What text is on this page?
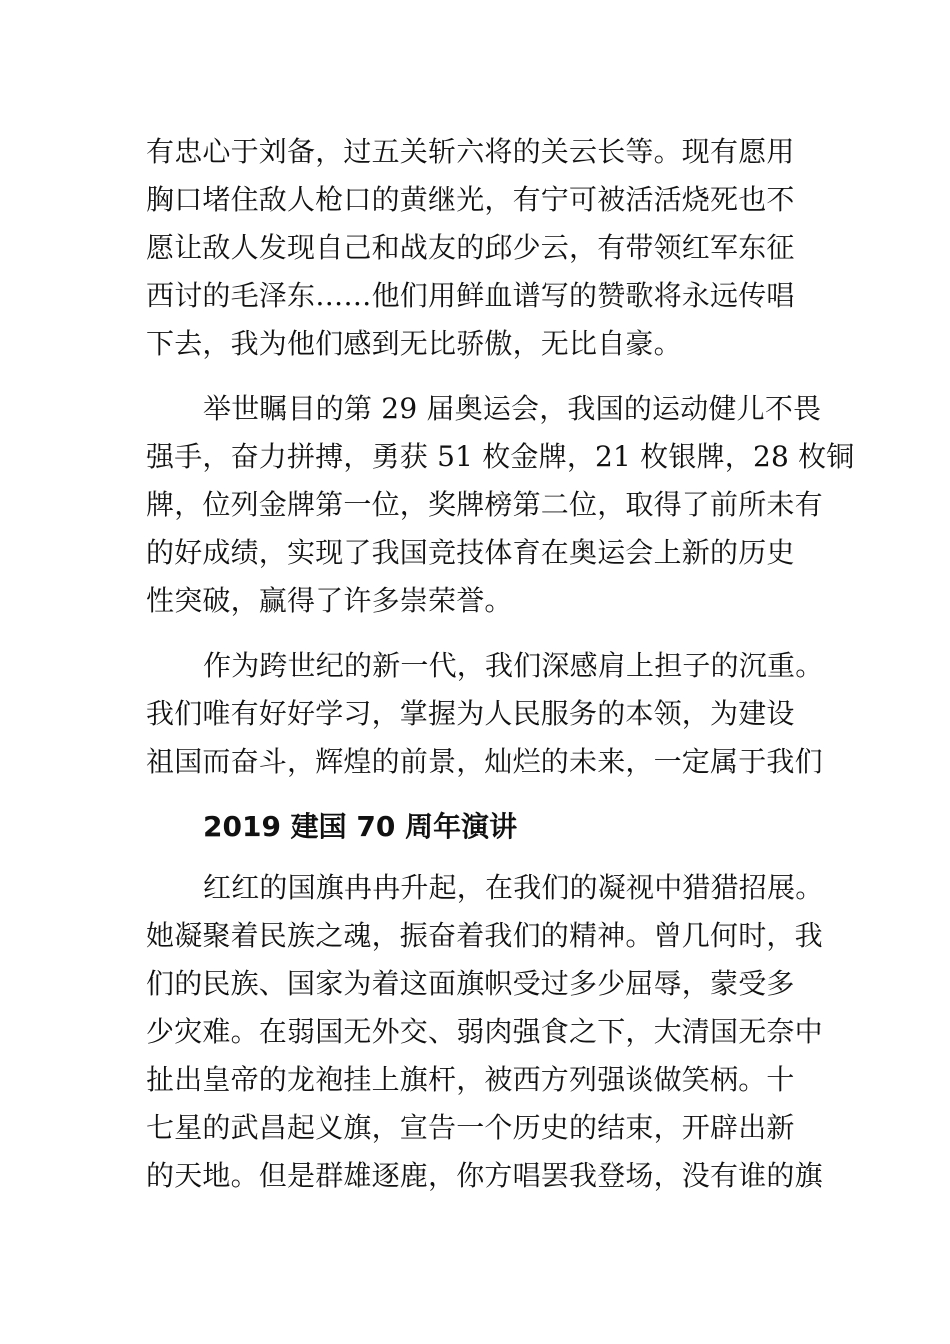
有忠心于刘备，过五关斩六将的关云长等。现有愿用
胸口堵住敌人枪口的黄继光，有宁可被活活烧死也不
愿让敌人发现自己和战友的邱少云，有带领红军东征
西讨的毛泽东……他们用鲜血谱写的赞歌将永远传唱
下去，我为他们感到无比骄傲，无比自豪。
举世瞩目的第 29 届奥运会，我国的运动健儿不畏
强手，奋力拼搏，勇获 51 枚金牌，21 枚银牌，28 枚铜
牌，位列金牌第一位，奖牌榜第二位，取得了前所未有
的好成绩，实现了我国竞技体育在奥运会上新的历史
性突破，赢得了许多崇荣誉。
作为跨世纪的新一代，我们深感肩上担子的沉重。
我们唯有好好学习，掌握为人民服务的本领，为建设
祖国而奋斗，辉煌的前景，灿烂的未来，一定属于我们
2019 建国 70 周年演讲
红红的国旗冉冉升起，在我们的凝视中猎猎招展。
她凝聚着民族之魂，振奋着我们的精神。曾几何时，我
们的民族、国家为着这面旗帜受过多少屈辱，蒙受多
少灾难。在弱国无外交、弱肉强食之下，大清国无奈中
扯出皇帝的龙袍挂上旗杆，被西方列强谈做笑柄。十
七星的武昌起义旗，宣告一个历史的结束，开辟出新
的天地。但是群雄逐鹿，你方唱罢我登场，没有谁的旗
